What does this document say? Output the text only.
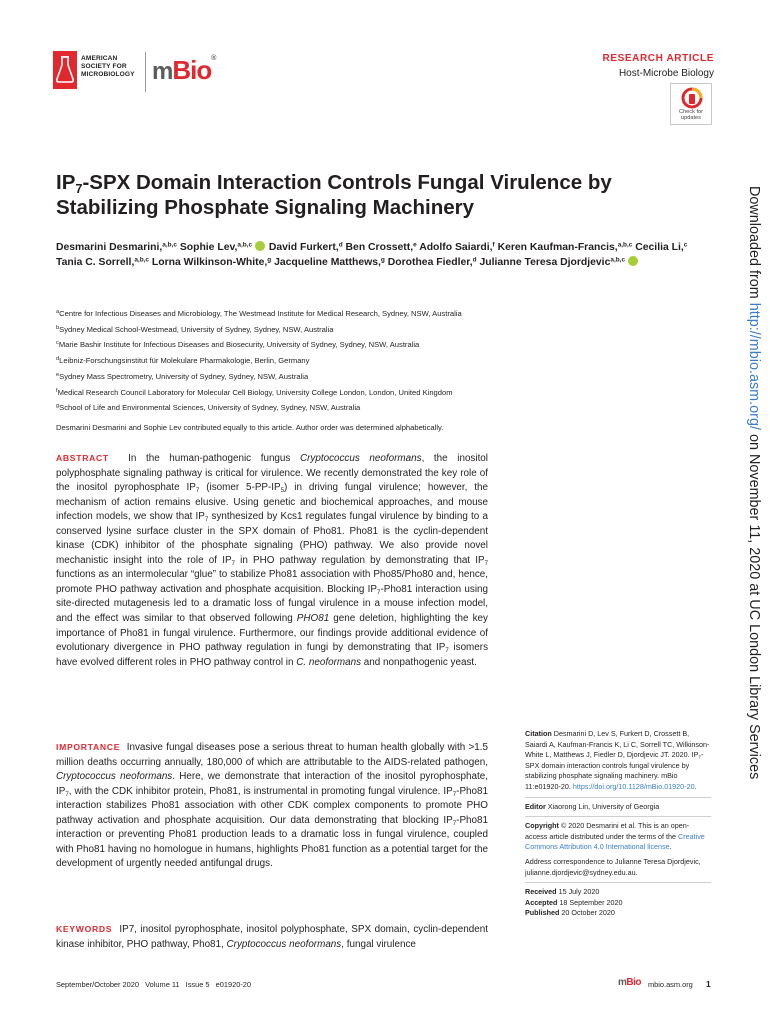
AMERICAN
SOCIETY FOR
MICROBIOLOGY mBio®	RESEARCH ARTICLE
Host-Microbe Biology
Check for
updates
$IP_7$-SPX Domain Interaction Controls Fungal Virulence by Stabilizing Phosphate Signaling Machinery
Desmarini Desmarini,$^{a,b,c}$ Sophie Lev,$^{a,b,c}$ David Furkert,$^d$ Ben Crossett,$^e$ Adolfo Saiardi,$^f$ Keren Kaufman-Francis,$^{a,b,c}$ Cecilia Li,$^c$ Tania C. Sorrell,$^{a,b,c}$ Lorna Wilkinson-White,$^g$ Jacqueline Matthews,$^g$ Dorothea Fiedler,$^d$ Julianne Teresa Djordjevic$^{a,b,c}$
$^a$Centre for Infectious Diseases and Microbiology, The Westmead Institute for Medical Research, Sydney, NSW, Australia
$^b$Sydney Medical School-Westmead, University of Sydney, Sydney, NSW, Australia
$^c$Marie Bashir Institute for Infectious Diseases and Biosecurity, University of Sydney, Sydney, NSW, Australia
$^d$Leibniz-Forschungsinstitut für Molekulare Pharmakologie, Berlin, Germany
$^e$Sydney Mass Spectrometry, University of Sydney, Sydney, NSW, Australia
$^f$Medical Research Council Laboratory for Molecular Cell Biology, University College London, London, United Kingdom
$^g$School of Life and Environmental Sciences, University of Sydney, Sydney, NSW, Australia
Desmarini Desmarini and Sophie Lev contributed equally to this article. Author order was determined alphabetically.
ABSTRACT In the human-pathogenic fungus Cryptococcus neoformans, the inositol polyphosphate signaling pathway is critical for virulence. We recently demonstrated the key role of the inositol pyrophosphate $IP_7$ (isomer $5-PP-IP_5$) in driving fungal virulence; however, the mechanism of action remains elusive. Using genetic and biochemical approaches, and mouse infection models, we show that $IP_7$ synthesized by Kcs1 regulates fungal virulence by binding to a conserved lysine surface cluster in the SPX domain of Pho81. Pho81 is the cyclin-dependent kinase (CDK) inhibitor of the phosphate signaling (PHO) pathway. We also provide novel mechanistic insight into the role of $IP_7$ in PHO pathway regulation by demonstrating that $IP_7$ functions as an intermolecular “glue” to stabilize Pho81 association with Pho85/Pho80 and, hence, promote PHO pathway activation and phosphate acquisition. Blocking $IP_7-Pho81$ interaction using site-directed mutagenesis led to a dramatic loss of fungal virulence in a mouse infection model, and the effect was similar to that observed following PHO81 gene deletion, highlighting the key importance of Pho81 in fungal virulence. Furthermore, our findings provide additional evidence of evolutionary divergence in PHO pathway regulation in fungi by demonstrating that $IP_7$ isomers have evolved different roles in PHO pathway control in C. neoformans and nonpathogenic yeast.
IMPORTANCE Invasive fungal diseases pose a serious threat to human health globally with >1.5 million deaths occurring annually, 180,000 of which are attributable to the AIDS-related pathogen, Cryptococcus neoformans. Here, we demonstrate that interaction of the inositol pyrophosphate, $IP_7$, with the CDK inhibitor protein, Pho81, is instrumental in promoting fungal virulence. $IP_7-Pho81$ interaction stabilizes Pho81 association with other CDK complex components to promote PHO pathway activation and phosphate acquisition. Our data demonstrating that blocking $IP_7-Pho81$ interaction or preventing Pho81 production leads to a dramatic loss in fungal virulence, coupled with Pho81 having no homologue in humans, highlights Pho81 function as a potential target for the development of urgently needed antifungal drugs.
KEYWORDS IP7, inositol pyrophosphate, inositol polyphosphate, SPX domain, cyclin-dependent kinase inhibitor, PHO pathway, Pho81, Cryptococcus neoformans, fungal virulence
Citation Desmarini D, Lev S, Furkert D, Crossett B, Saiardi A, Kaufman-Francis K, Li C, Sorrell TC, Wilkinson-White L, Matthews J, Fiedler D, Djordjevic JT. 2020. $IP_7$-SPX domain interaction controls fungal virulence by stabilizing phosphate signaling machinery. mBio 11:e01920-20. https://doi.org/10.1128/mBio.01920-20.
Editor Xiaorong Lin, University of Georgia
Copyright © 2020 Desmarini et al. This is an open-access article distributed under the terms of the Creative Commons Attribution 4.0 International license.
Address correspondence to Julianne Teresa Djordjevic, julianne.djordjevic@sydney.edu.au.
Received 15 July 2020
Accepted 18 September 2020
Published 20 October 2020
Downloaded from http://mbio.asm.org/ on November 11, 2020 at UC London Library Services
September/October 2020   Volume 11   Issue 5   e01920-20	mBio mbio.asm.org 1
